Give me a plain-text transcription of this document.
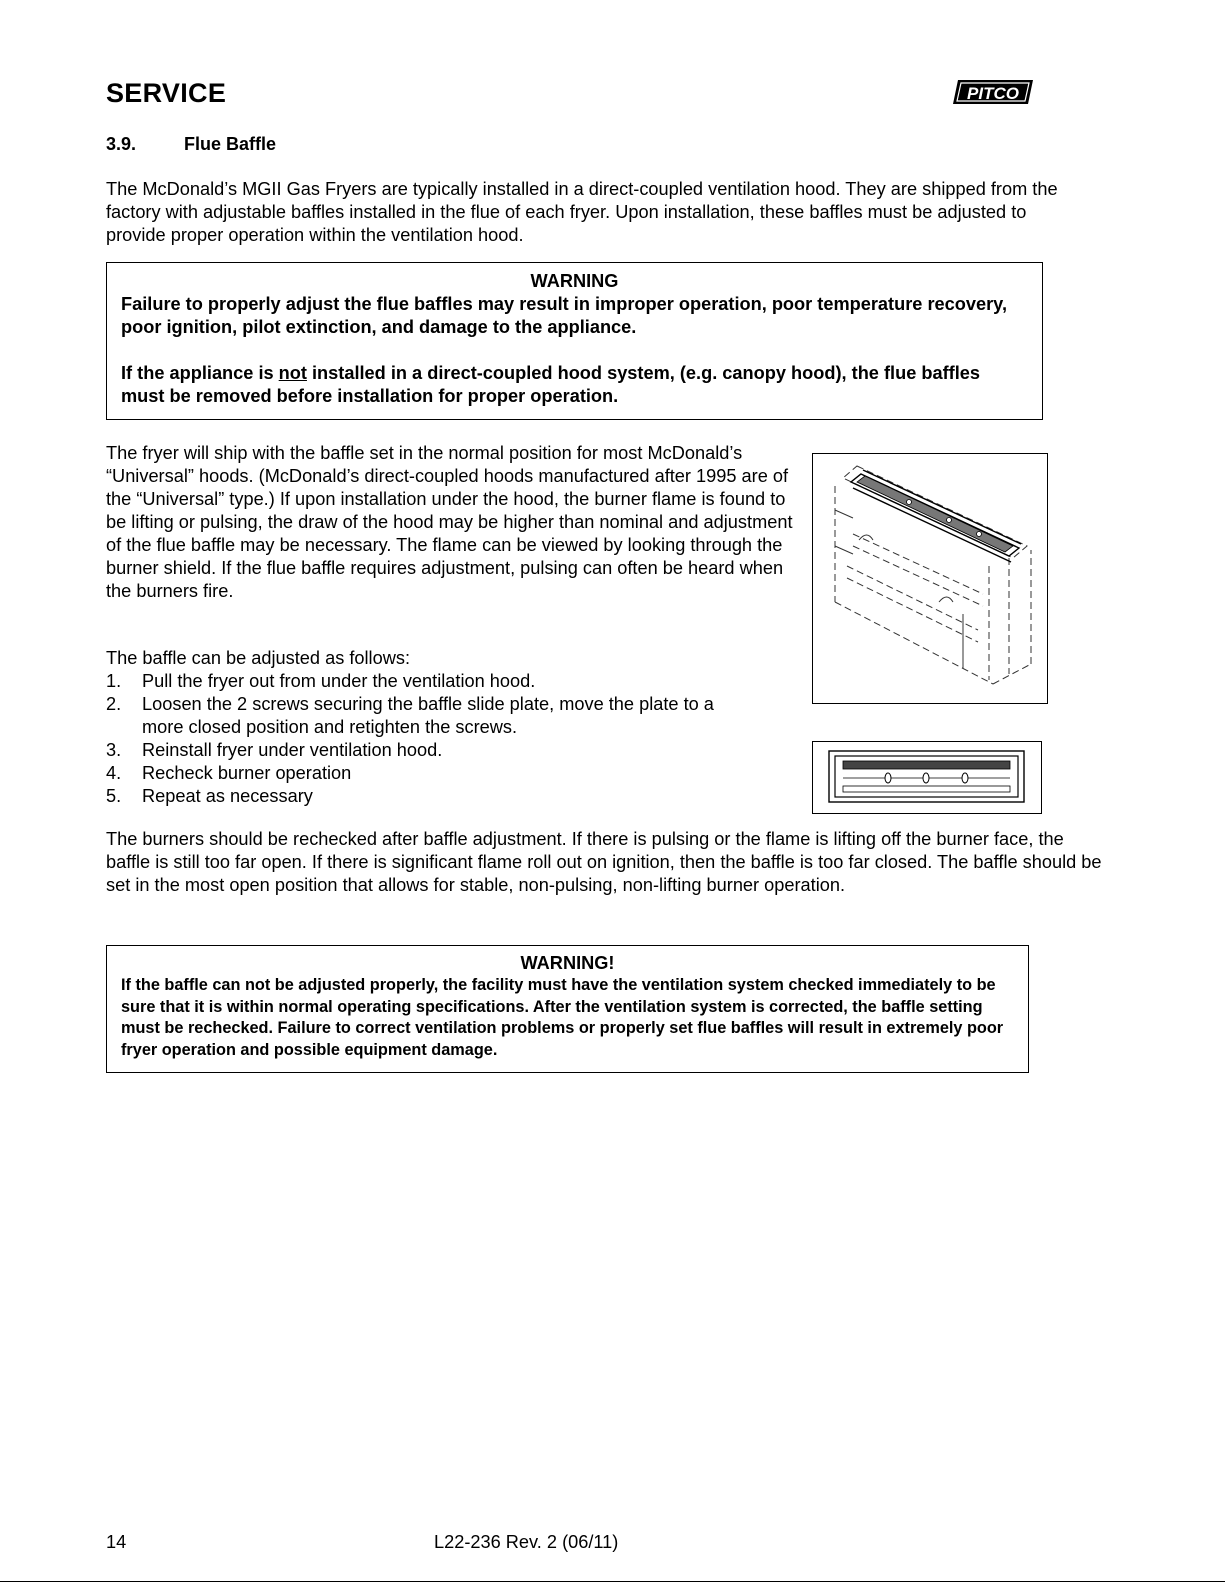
SERVICE	PITCO
3.9.	Flue Baffle
The McDonald’s MGII Gas Fryers are typically installed in a direct-coupled ventilation hood. They are shipped from the factory with adjustable baffles installed in the flue of each fryer. Upon installation, these baffles must be adjusted to provide proper operation within the ventilation hood.
WARNING
Failure to properly adjust the flue baffles may result in improper operation, poor temperature recovery, poor ignition, pilot extinction, and damage to the appliance.
If the appliance is not installed in a direct-coupled hood system, (e.g. canopy hood), the flue baffles must be removed before installation for proper operation.
The fryer will ship with the baffle set in the normal position for most McDonald’s “Universal” hoods. (McDonald’s direct-coupled hoods manufactured after 1995 are of the “Universal” type.) If upon installation under the hood, the burner flame is found to be lifting or pulsing, the draw of the hood may be higher than nominal and adjustment of the flue baffle may be necessary. The flame can be viewed by looking through the burner shield. If the flue baffle requires adjustment, pulsing can often be heard when the burners fire.
The baffle can be adjusted as follows:
1. Pull the fryer out from under the ventilation hood.
2. Loosen the 2 screws securing the baffle slide plate, move the plate to a
more closed position and retighten the screws.
3. Reinstall fryer under ventilation hood.
4. Recheck burner operation
5. Repeat as necessary
The burners should be rechecked after baffle adjustment. If there is pulsing or the flame is lifting off the burner face, the baffle is still too far open. If there is significant flame roll out on ignition, then the baffle is too far closed. The baffle should be set in the most open position that allows for stable, non-pulsing, non-lifting burner operation.
WARNING!
If the baffle can not be adjusted properly, the facility must have the ventilation system checked immediately to be sure that it is within normal operating specifications. After the ventilation system is corrected, the baffle setting must be rechecked. Failure to correct ventilation problems or properly set flue baffles will result in extremely poor fryer operation and possible equipment damage.
14	L22-236 Rev. 2 (06/11)
